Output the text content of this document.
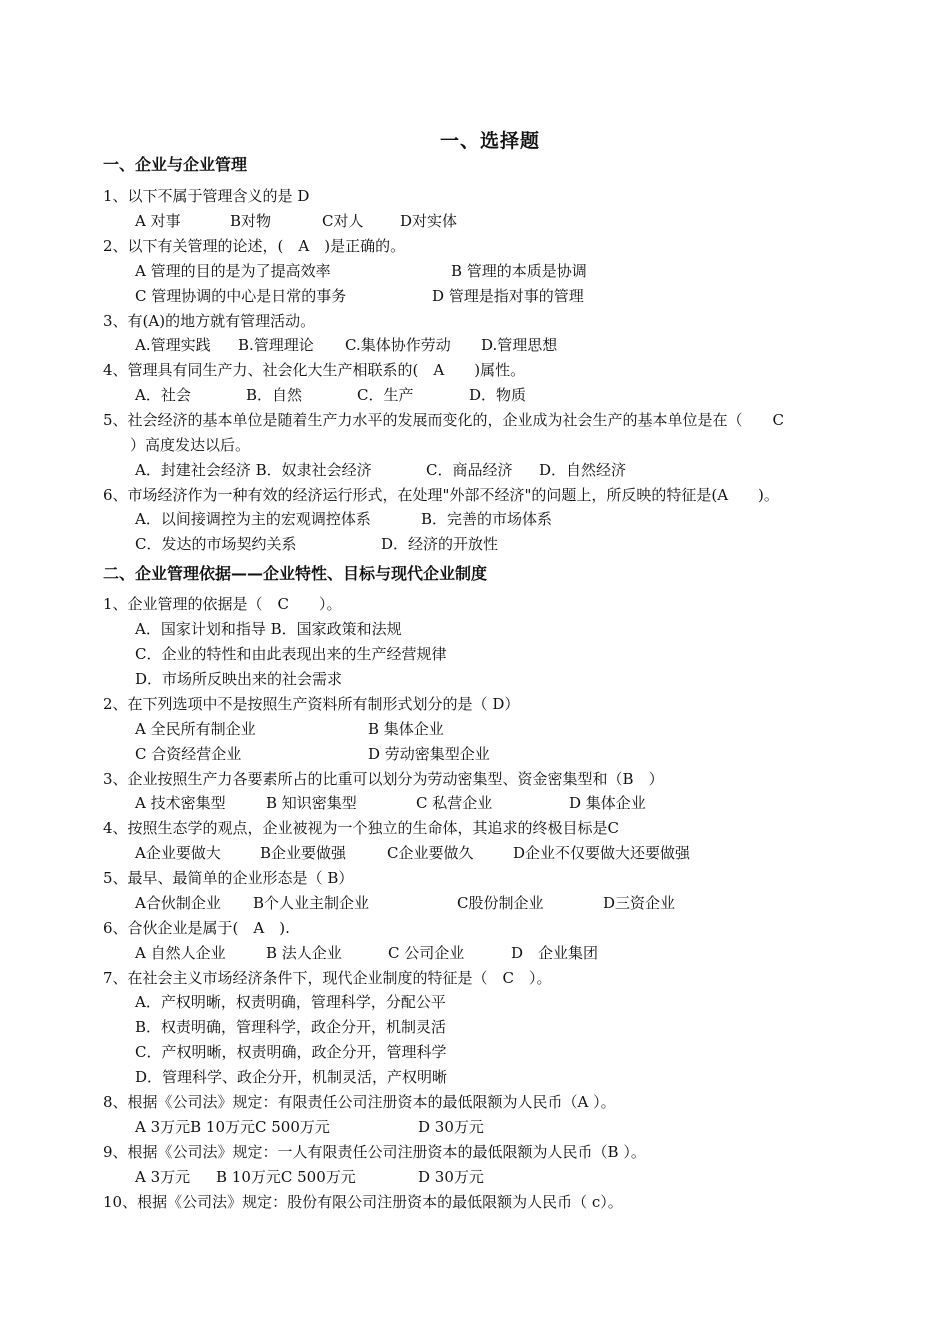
一、选择题
一、企业与企业管理
1、以下不属于管理含义的是 D
A 对事	B对物	C对人 D对实体
2、以下有关管理的论述，(　A　)是正确的。
A 管理的目的是为了提高效率	B 管理的本质是协调
C 管理协调的中心是日常的事务	D 管理是指对事的管理
3、有(A)的地方就有管理活动。
A.管理实践 B.管理理论 C.集体协作劳动 D.管理思想
4、管理具有同生产力、社会化大生产相联系的(　A　　)属性。
A．社会	B．自然	C．生产	D．物质
5、社会经济的基本单位是随着生产力水平的发展而变化的，企业成为社会生产的基本单位是在（　　C
）高度发达以后。
A．封建社会经济 B．奴隶社会经济	C．商品经济 D．自然经济
6、市场经济作为一种有效的经济运行形式，在处理"外部不经济"的问题上，所反映的特征是(A　　)。
A．以间接调控为主的宏观调控体系	B．完善的市场体系
C．发达的市场契约关系	D．经济的开放性
二、企业管理依据——企业特性、目标与现代企业制度
1、企业管理的依据是（　C　　）。
A．国家计划和指导 B．国家政策和法规
C．企业的特性和由此表现出来的生产经营规律
D．市场所反映出来的社会需求
2、在下列选项中不是按照生产资料所有制形式划分的是（ D）
A 全民所有制企业	B 集体企业
C 合资经营企业	D 劳动密集型企业
3、企业按照生产力各要素所占的比重可以划分为劳动密集型、资金密集型和（B　）
A 技术密集型	B 知识密集型	C 私营企业	D 集体企业
4、按照生态学的观点，企业被视为一个独立的生命体，其追求的终极目标是C
A企业要做大	B企业要做强	C企业要做久	D企业不仅要做大还要做强
5、最早、最简单的企业形态是（ B）
A合伙制企业 B个人业主制企业	C股份制企业	D三资企业
6、合伙企业是属于(　A　).
A 自然人企业	B 法人企业	C 公司企业	D　企业集团
7、在社会主义市场经济条件下，现代企业制度的特征是（　C　）。
A．产权明晰，权责明确，管理科学，分配公平
B．权责明确，管理科学，政企分开，机制灵活
C．产权明晰，权责明确，政企分开，管理科学
D．管理科学、政企分开，机制灵活，产权明晰
8、根据《公司法》规定：有限责任公司注册资本的最低限额为人民币（A ）。
A 3万元B 10万元C 500万元	D 30万元
9、根据《公司法》规定：一人有限责任公司注册资本的最低限额为人民币（B ）。
A 3万元 B 10万元C 500万元	D 30万元
10、根据《公司法》规定：股份有限公司注册资本的最低限额为人民币（ c）。
